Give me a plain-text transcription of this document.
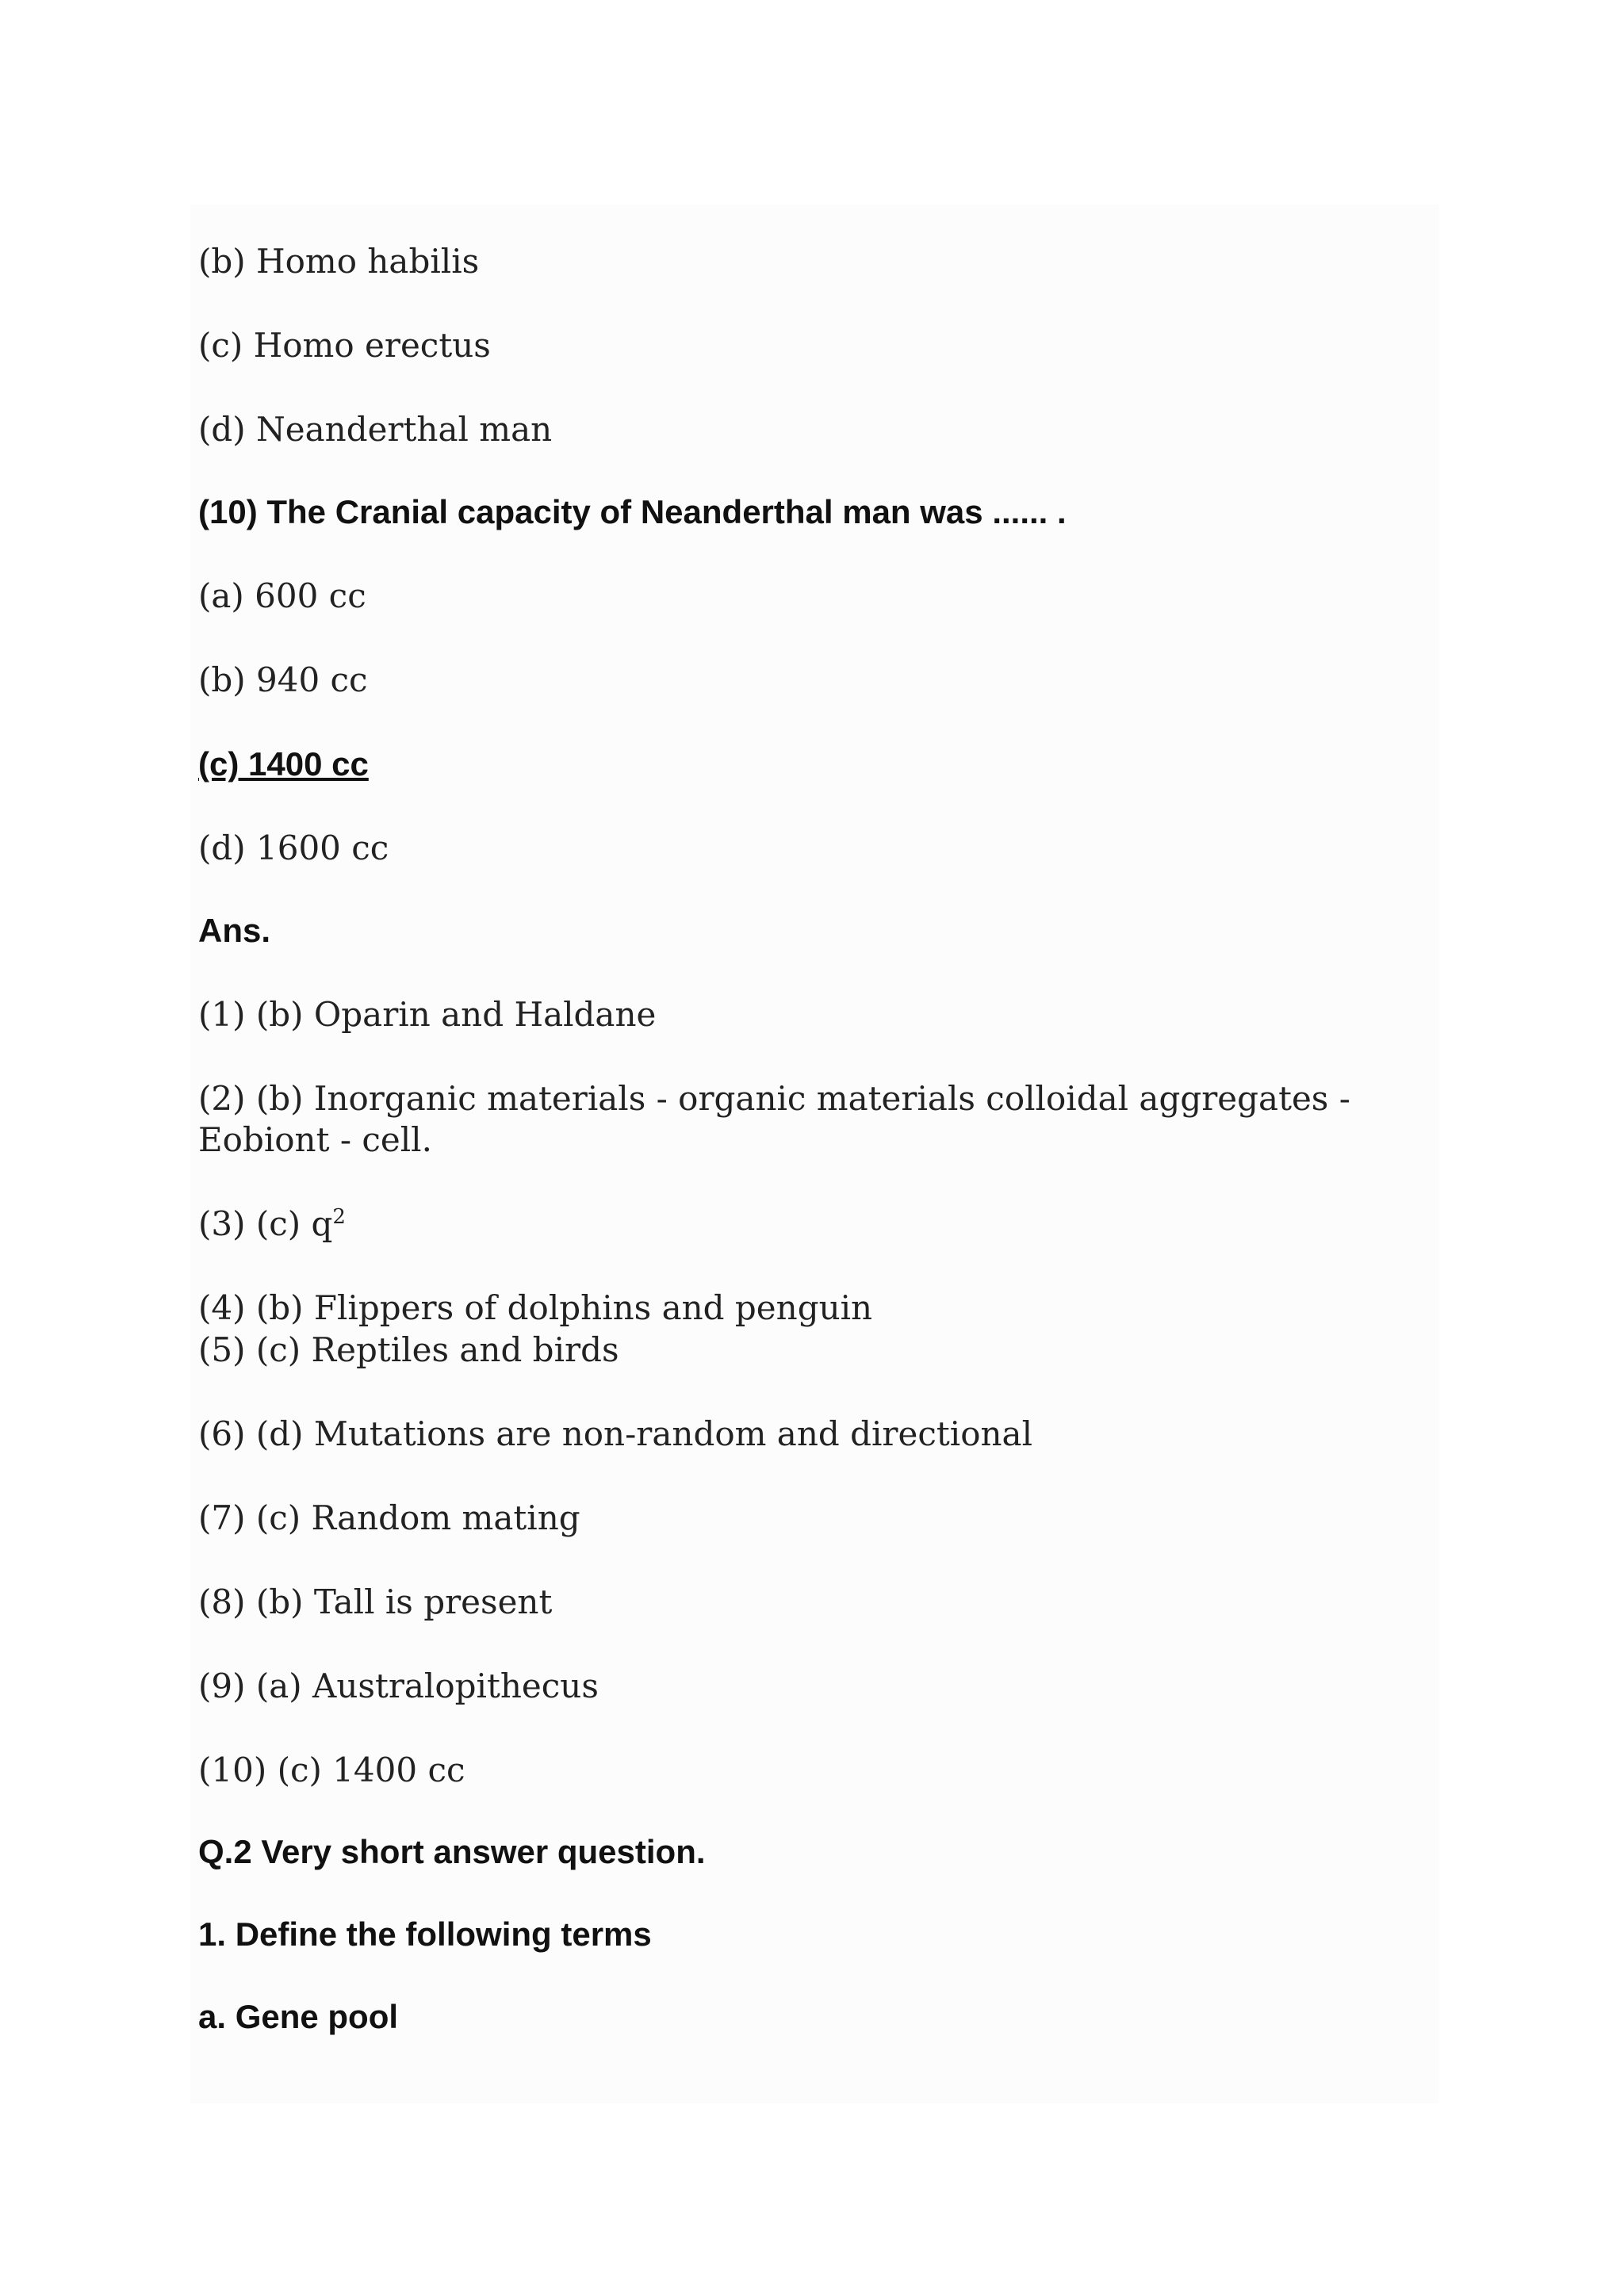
(b) Homo habilis

(c) Homo erectus

(d) Neanderthal man

(10) The Cranial capacity of Neanderthal man was ...... .

(a) 600 cc

(b) 940 cc

(c) 1400 cc

(d) 1600 cc

Ans.

(1) (b) Oparin and Haldane

(2) (b) Inorganic materials - organic materials colloidal aggregates - Eobiont - cell.

(3) (c) $q^2$

(4) (b) Flippers of dolphins and penguin

(5) (c) Reptiles and birds

(6) (d) Mutations are non-random and directional

(7) (c) Random mating

(8) (b) Tall is present

(9) (a) Australopithecus

(10) (c) 1400 cc

Q.2 Very short answer question.

1. Define the following terms

a. Gene pool
